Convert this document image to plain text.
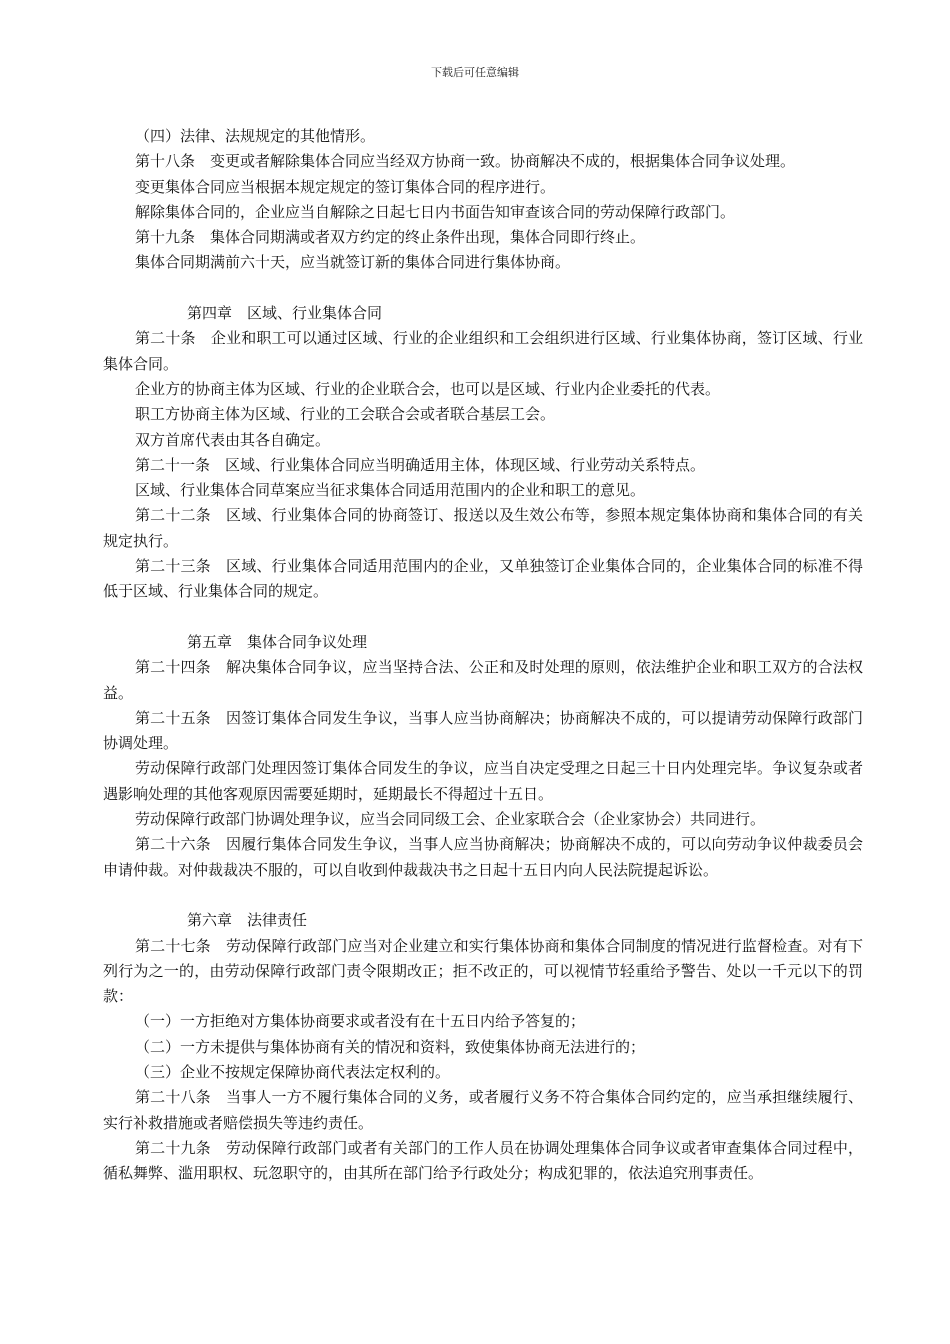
下载后可任意编辑

（四）法律、法规规定的其他情形。

第十八条　变更或者解除集体合同应当经双方协商一致。协商解决不成的，根据集体合同争议处理。

变更集体合同应当根据本规定规定的签订集体合同的程序进行。

解除集体合同的，企业应当自解除之日起七日内书面告知审查该合同的劳动保障行政部门。

第十九条　集体合同期满或者双方约定的终止条件出现，集体合同即行终止。

集体合同期满前六十天，应当就签订新的集体合同进行集体协商。

第四章　区域、行业集体合同

第二十条　企业和职工可以通过区域、行业的企业组织和工会组织进行区域、行业集体协商，签订区域、行业集体合同。

企业方的协商主体为区域、行业的企业联合会，也可以是区域、行业内企业委托的代表。

职工方协商主体为区域、行业的工会联合会或者联合基层工会。

双方首席代表由其各自确定。

第二十一条　区域、行业集体合同应当明确适用主体，体现区域、行业劳动关系特点。

区域、行业集体合同草案应当征求集体合同适用范围内的企业和职工的意见。

第二十二条　区域、行业集体合同的协商签订、报送以及生效公布等，参照本规定集体协商和集体合同的有关规定执行。

第二十三条　区域、行业集体合同适用范围内的企业，又单独签订企业集体合同的，企业集体合同的标准不得低于区域、行业集体合同的规定。

第五章　集体合同争议处理

第二十四条　解决集体合同争议，应当坚持合法、公正和及时处理的原则，依法维护企业和职工双方的合法权益。

第二十五条　因签订集体合同发生争议，当事人应当协商解决；协商解决不成的，可以提请劳动保障行政部门协调处理。

劳动保障行政部门处理因签订集体合同发生的争议，应当自决定受理之日起三十日内处理完毕。争议复杂或者遇影响处理的其他客观原因需要延期时，延期最长不得超过十五日。

劳动保障行政部门协调处理争议，应当会同同级工会、企业家联合会（企业家协会）共同进行。

第二十六条　因履行集体合同发生争议，当事人应当协商解决；协商解决不成的，可以向劳动争议仲裁委员会申请仲裁。对仲裁裁决不服的，可以自收到仲裁裁决书之日起十五日内向人民法院提起诉讼。

第六章　法律责任

第二十七条　劳动保障行政部门应当对企业建立和实行集体协商和集体合同制度的情况进行监督检查。对有下列行为之一的，由劳动保障行政部门责令限期改正；拒不改正的，可以视情节轻重给予警告、处以一千元以下的罚款：

（一）一方拒绝对方集体协商要求或者没有在十五日内给予答复的；

（二）一方未提供与集体协商有关的情况和资料，致使集体协商无法进行的；

（三）企业不按规定保障协商代表法定权利的。

第二十八条　当事人一方不履行集体合同的义务，或者履行义务不符合集体合同约定的，应当承担继续履行、实行补救措施或者赔偿损失等违约责任。

第二十九条　劳动保障行政部门或者有关部门的工作人员在协调处理集体合同争议或者审查集体合同过程中，循私舞弊、滥用职权、玩忽职守的，由其所在部门给予行政处分；构成犯罪的，依法追究刑事责任。
